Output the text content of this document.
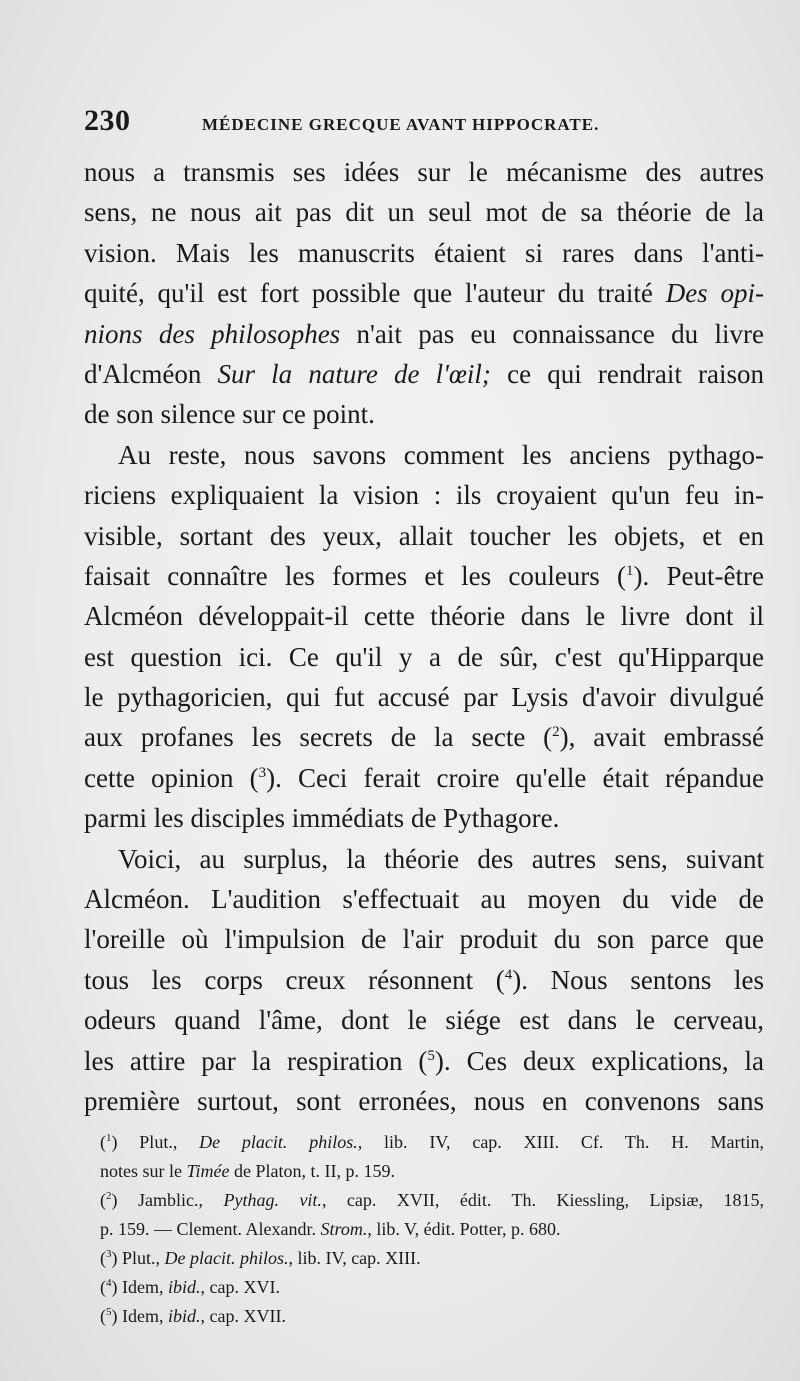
230	MÉDECINE GRECQUE AVANT HIPPOCRATE.
nous a transmis ses idées sur le mécanisme des autres
sens, ne nous ait pas dit un seul mot de sa théorie de la
vision. Mais les manuscrits étaient si rares dans l'anti-
quité, qu'il est fort possible que l'auteur du traité Des opi-
nions des philosophes n'ait pas eu connaissance du livre
d'Alcméon Sur la nature de l'œil; ce qui rendrait raison
de son silence sur ce point.
Au reste, nous savons comment les anciens pythago-
riciens expliquaient la vision : ils croyaient qu'un feu in-
visible, sortant des yeux, allait toucher les objets, et en
faisait connaître les formes et les couleurs ($^1$). Peut-être
Alcméon développait-il cette théorie dans le livre dont il
est question ici. Ce qu'il y a de sûr, c'est qu'Hipparque
le pythagoricien, qui fut accusé par Lysis d'avoir divulgué
aux profanes les secrets de la secte ($^2$), avait embrassé
cette opinion ($^3$). Ceci ferait croire qu'elle était répandue
parmi les disciples immédiats de Pythagore.
Voici, au surplus, la théorie des autres sens, suivant
Alcméon. L'audition s'effectuait au moyen du vide de
l'oreille où l'impulsion de l'air produit du son parce que
tous les corps creux résonnent ($^4$). Nous sentons les
odeurs quand l'âme, dont le siége est dans le cerveau,
les attire par la respiration ($^5$). Ces deux explications, la
première surtout, sont erronées, nous en convenons sans
($^1$) Plut., De placit. philos., lib. IV, cap. XIII. Cf. Th. H. Martin,
notes sur le Timée de Platon, t. II, p. 159.
($^2$) Jamblic., Pythag. vit., cap. XVII, édit. Th. Kiessling, Lipsiæ, 1815,
p. 159. — Clement. Alexandr. Strom., lib. V, édit. Potter, p. 680.
($^3$) Plut., De placit. philos., lib. IV, cap. XIII.
($^4$) Idem, ibid., cap. XVI.
($^5$) Idem, ibid., cap. XVII.
